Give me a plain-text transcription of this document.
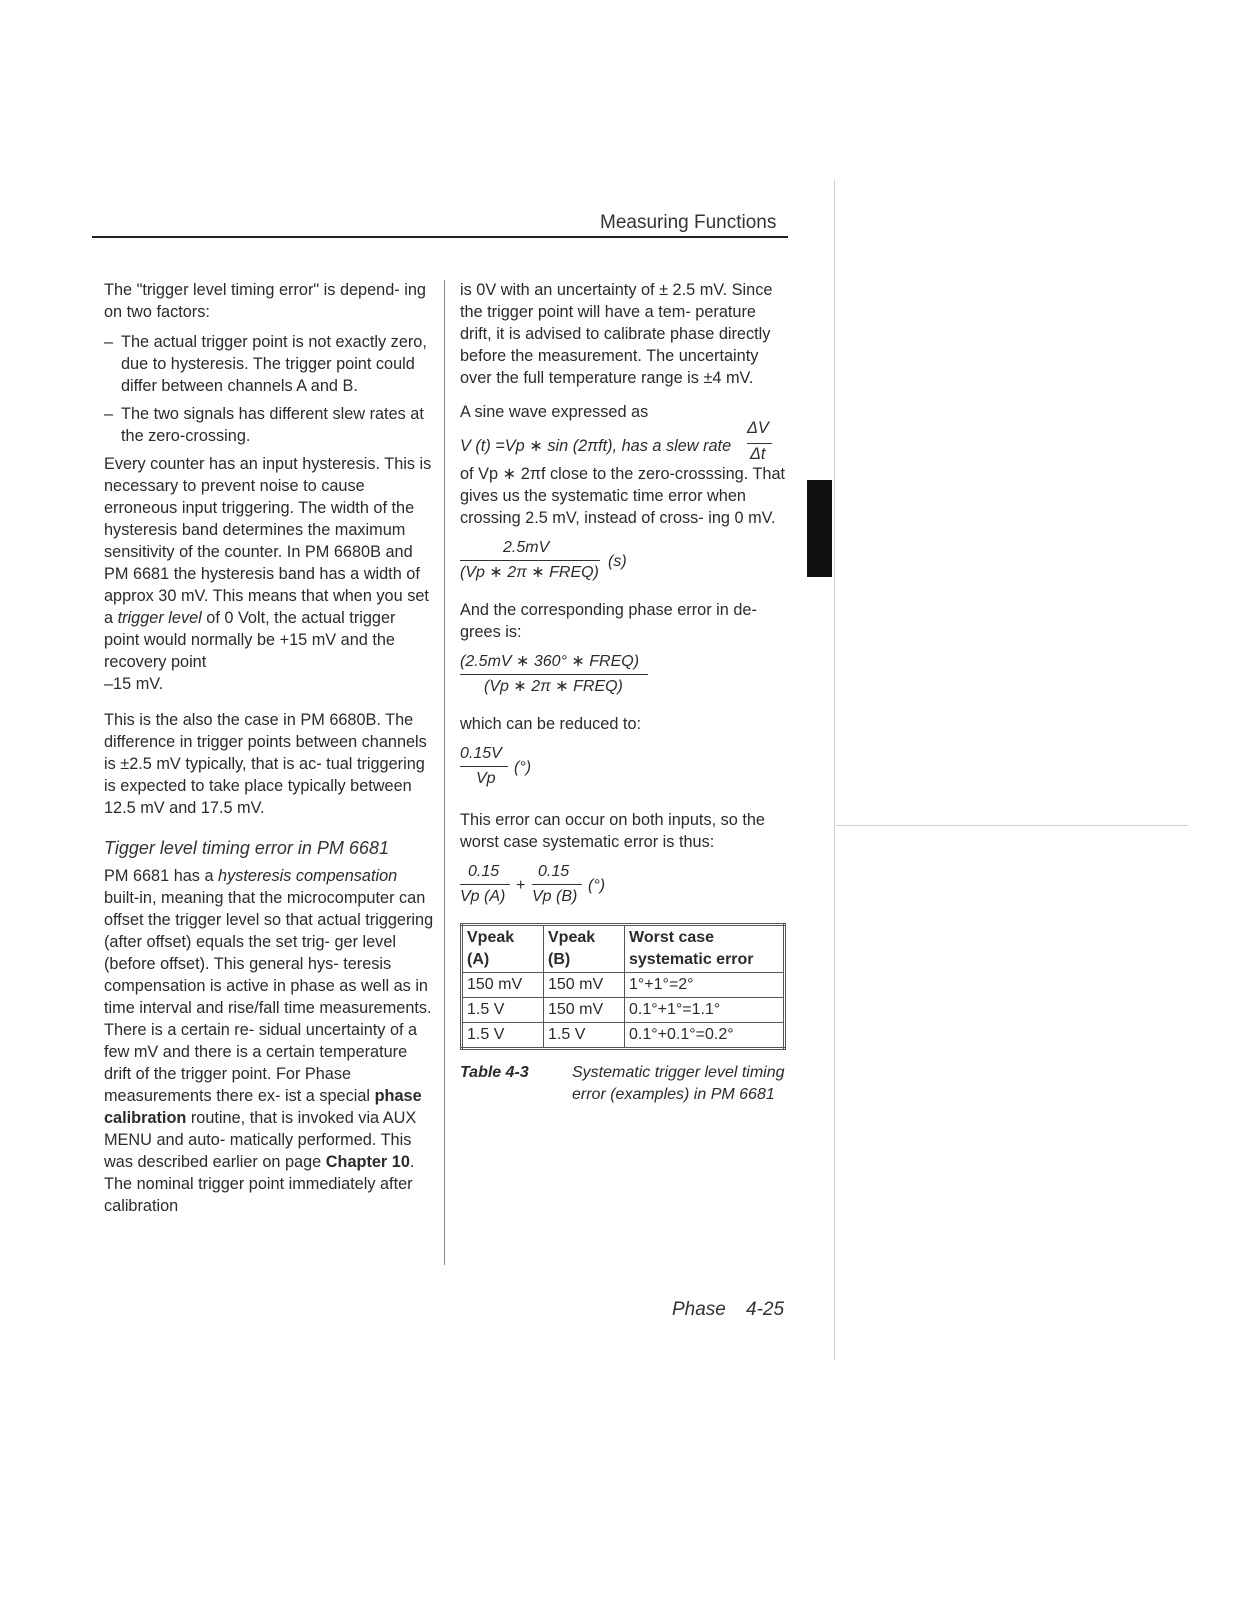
Measuring Functions

The "trigger level timing error" is depend- ing on two factors:

– The actual trigger point is not exactly zero, due to hysteresis. The trigger point could differ between channels A and B.
– The two signals has different slew rates at the zero-crossing.

Every counter has an input hysteresis. This is necessary to prevent noise to cause erroneous input triggering. The width of the hysteresis band determines the maximum sensitivity of the counter. In PM 6680B and PM 6681 the hysteresis band has a width of approx 30 mV. This means that when you set a trigger level of 0 Volt, the actual trigger point would normally be +15 mV and the recovery point
–15 mV.

This is the also the case in PM 6680B. The difference in trigger points between channels is ±2.5 mV typically, that is ac- tual triggering is expected to take place typically between 12.5 mV and 17.5 mV.

Tigger level timing error in PM 6681

PM 6681 has a hysteresis compensation built-in, meaning that the microcomputer can offset the trigger level so that actual triggering (after offset) equals the set trig- ger level (before offset). This general hys- teresis compensation is active in phase as well as in time interval and rise/fall time measurements. There is a certain re- sidual uncertainty of a few mV and there is a certain temperature drift of the trigger point. For Phase measurements there ex- ist a special phase calibration routine, that is invoked via AUX MENU and auto- matically performed. This was described earlier on page Chapter 10. The nominal trigger point immediately after calibration

is 0V with an uncertainty of ± 2.5 mV. Since the trigger point will have a tem- perature drift, it is advised to calibrate phase directly before the measurement. The uncertainty over the full temperature range is ±4 mV.

A sine wave expressed as

V (t) =Vp ∗ sin (2πft), has a slew rate
ΔV
Δt

of Vp ∗ 2πf close to the zero-crosssing. That gives us the systematic time error when crossing 2.5 mV, instead of cross- ing 0 mV.

2.5mV
(Vp ∗ 2π ∗ FREQ)
(s)

And the corresponding phase error in de- grees is:

(2.5mV ∗ 360° ∗ FREQ)
(Vp ∗ 2π ∗ FREQ)

which can be reduced to:

0.15V
Vp
(°)

This error can occur on both inputs, so the worst case systematic error is thus:

0.15
Vp (A)
+
0.15
Vp (B)
(°)
Vpeak (A)	Vpeak (B)	Worst case systematic error
150 mV	150 mV	1°+1°=2°
1.5 V	150 mV	0.1°+1°=1.1°
1.5 V	1.5 V	0.1°+0.1°=0.2°
Table 4-3	Systematic trigger level timing error (examples) in PM 6681
Phase 4-25
